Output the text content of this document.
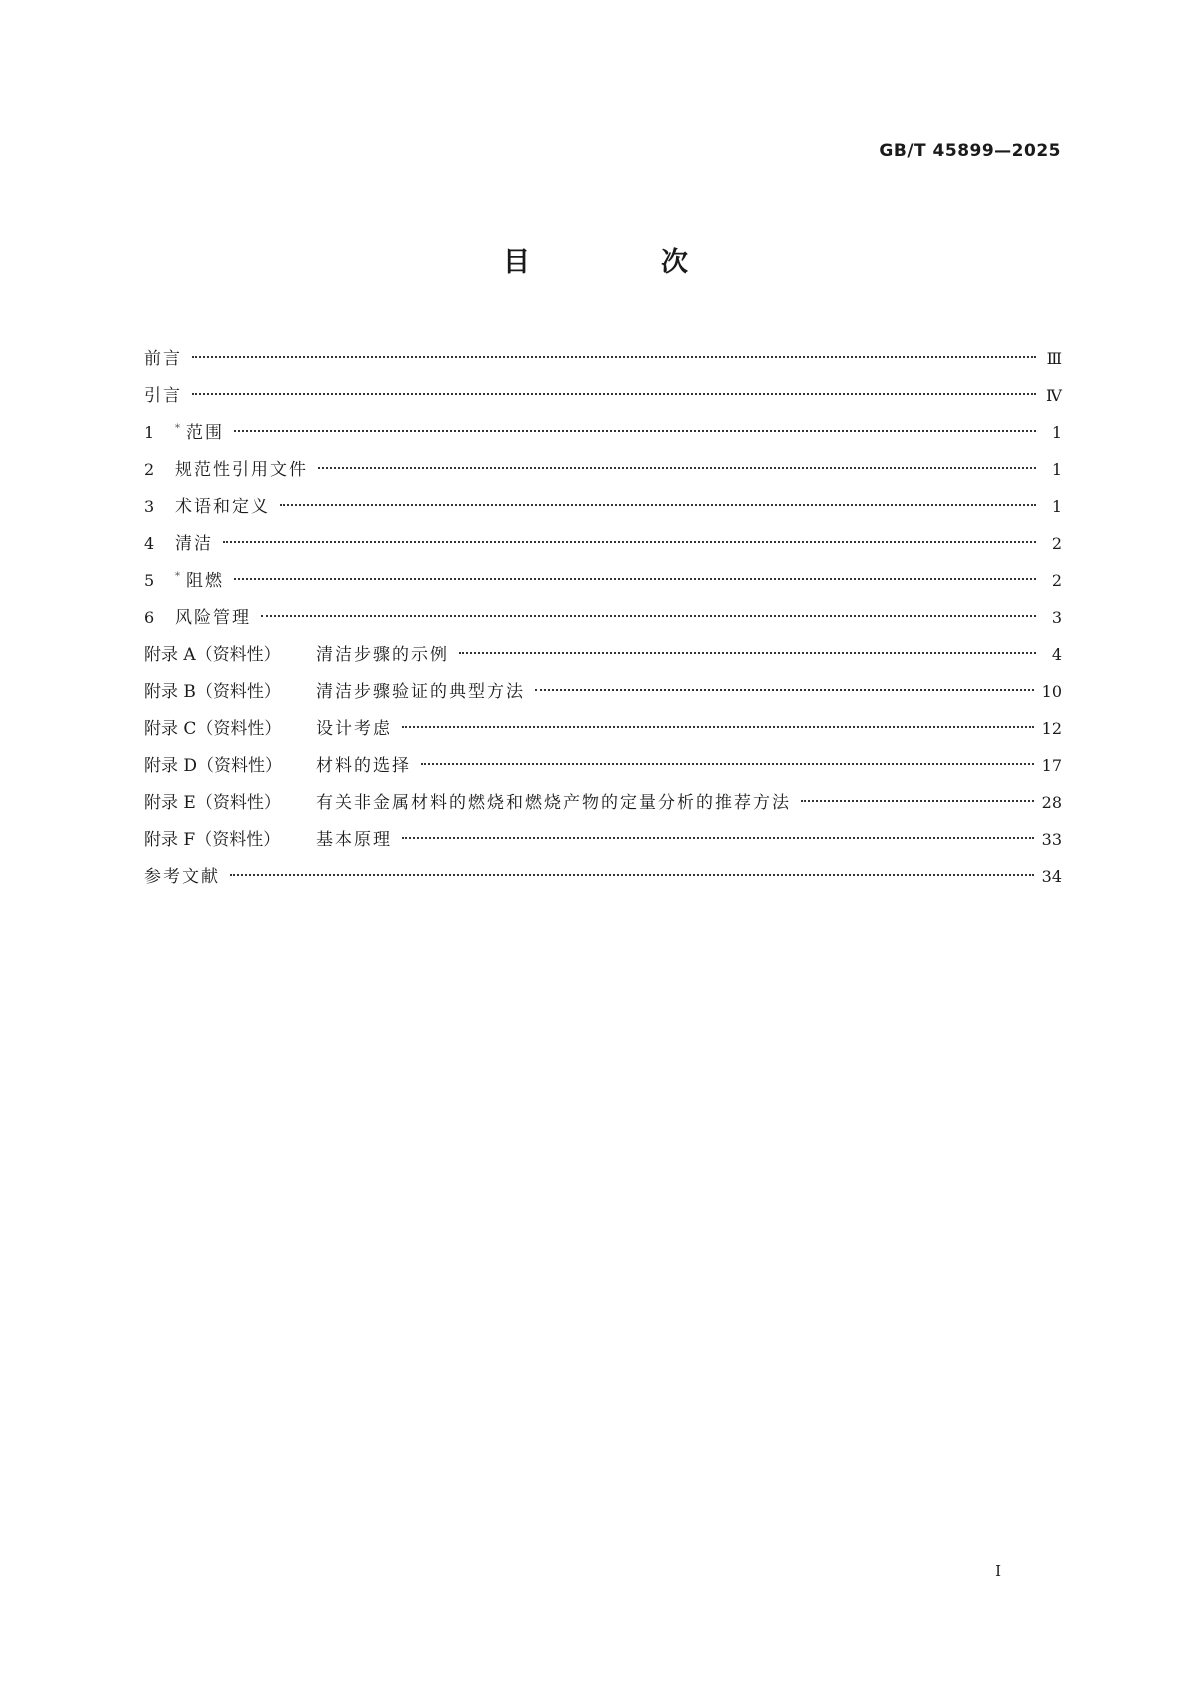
GB/T 45899—2025
目　次
前言	Ⅲ
引言	Ⅳ
1	* 范围	1
2	规范性引用文件	1
3	术语和定义	1
4	清洁	2
5	* 阻燃	2
6	风险管理	3
附录 A（资料性）	清洁步骤的示例	4
附录 B（资料性）	清洁步骤验证的典型方法	10
附录 C（资料性）	设计考虑	12
附录 D（资料性）	材料的选择	17
附录 E（资料性）	有关非金属材料的燃烧和燃烧产物的定量分析的推荐方法	28
附录 F（资料性）	基本原理	33
参考文献	34
I
